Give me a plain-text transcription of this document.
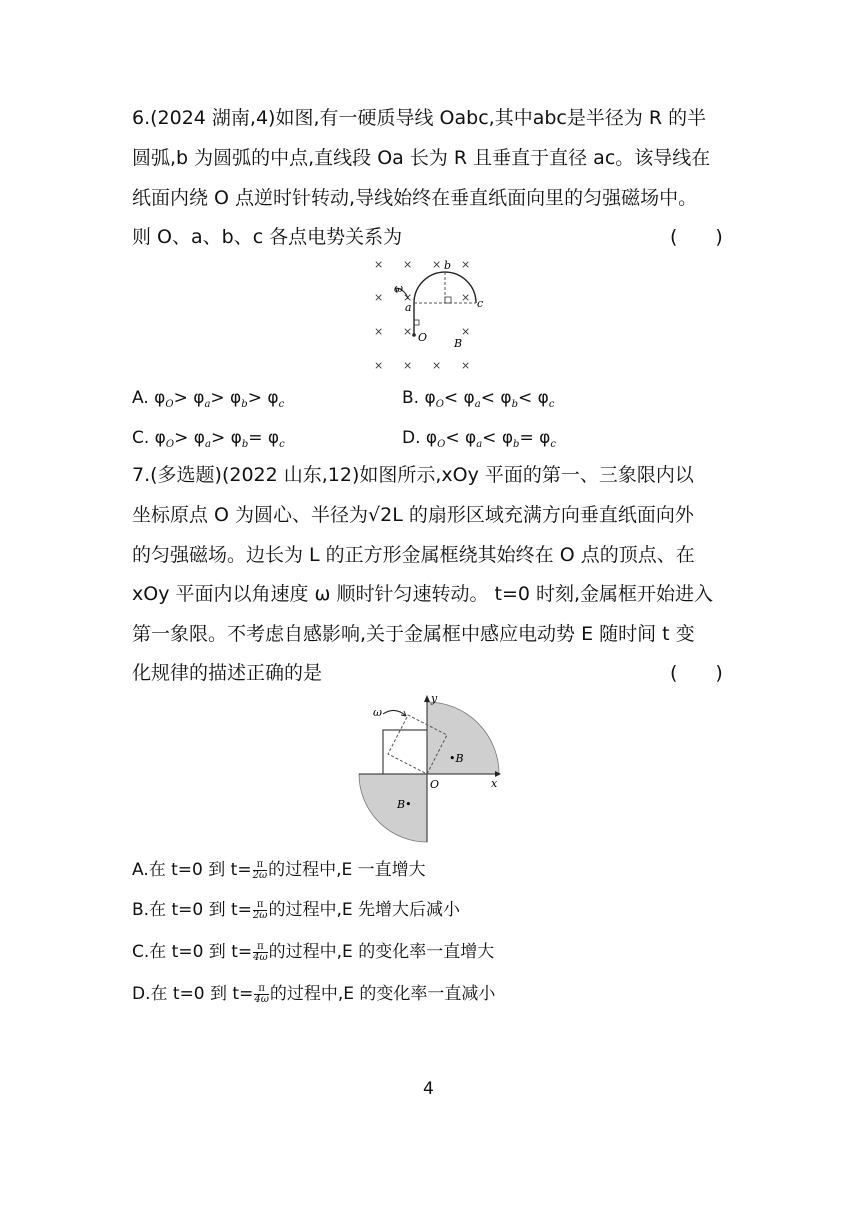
6.(2024 湖南,4)如图,有一硬质导线 Oabc,其中abc是半径为 R 的半
圆弧,b 为圆弧的中点,直线段 Oa 长为 R 且垂直于直径 ac。该导线在
纸面内绕 O 点逆时针转动,导线始终在垂直纸面向里的匀强磁场中。
则 O、a、b、c 各点电势关系为	(　　)
× × × ×
× ×	×
× ×	×
× × × ×
ω
b
c
a
O B
A. $\varphi_O> \varphi_a> \varphi_b> \varphi_c$	B. $\varphi_O< \varphi_a< \varphi_b< \varphi_c$
C. $\varphi_O> \varphi_a> \varphi_b= \varphi_c$	D. $\varphi_O< \varphi_a< \varphi_b= \varphi_c$
7.(多选题)(2022 山东,12)如图所示,xOy 平面的第一、三象限内以
坐标原点 O 为圆心、半径为√2L 的扇形区域充满方向垂直纸面向外
的匀强磁场。边长为 L 的正方形金属框绕其始终在 O 点的顶点、在
xOy 平面内以角速度 ω 顺时针匀速转动。 t=0 时刻,金属框开始进入
第一象限。不考虑自感影响,关于金属框中感应电动势 E 随时间 t 变
化规律的描述正确的是	(　　)
ω
y
x
O
•B
B•
A.在 t=0 到 $t= \frac{\pi}{2\omega}$ 的过程中,E 一直增大
B.在 t=0 到 $t= \frac{\pi}{2\omega}$ 的过程中,E 先增大后减小
C.在 t=0 到 $t= \frac{\pi}{4\omega}$ 的过程中,E 的变化率一直增大
D.在 t=0 到 $t= \frac{\pi}{4\omega}$ 的过程中,E 的变化率一直减小
4
